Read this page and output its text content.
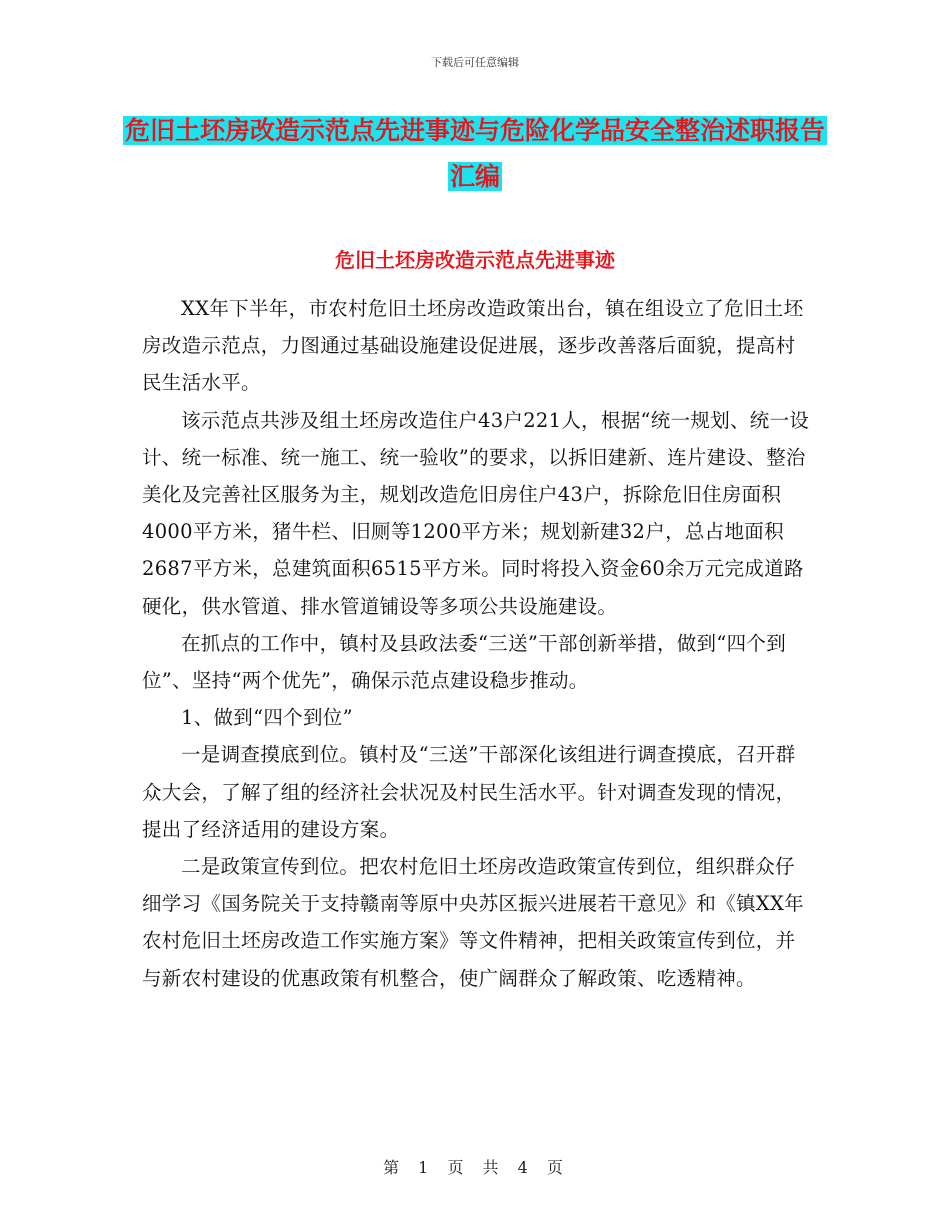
下载后可任意编辑
危旧土坯房改造示范点先进事迹与危险化学品安全整治述职报告汇编
危旧土坯房改造示范点先进事迹

XX年下半年，市农村危旧土坯房改造政策出台，镇在组设立了危旧土坯房改造示范点，力图通过基础设施建设促进展，逐步改善落后面貌，提高村民生活水平。

该示范点共涉及组土坯房改造住户43户221人，根据“统一规划、统一设计、统一标准、统一施工、统一验收”的要求，以拆旧建新、连片建设、整治美化及完善社区服务为主，规划改造危旧房住户43户，拆除危旧住房面积4000平方米，猪牛栏、旧厕等1200平方米；规划新建32户，总占地面积2687平方米，总建筑面积6515平方米。同时将投入资金60余万元完成道路硬化，供水管道、排水管道铺设等多项公共设施建设。

在抓点的工作中，镇村及县政法委“三送”干部创新举措，做到“四个到位”、坚持“两个优先”，确保示范点建设稳步推动。

1、做到“四个到位”

一是调查摸底到位。镇村及“三送”干部深化该组进行调查摸底，召开群众大会，了解了组的经济社会状况及村民生活水平。针对调查发现的情况，提出了经济适用的建设方案。

二是政策宣传到位。把农村危旧土坯房改造政策宣传到位，组织群众仔细学习《国务院关于支持赣南等原中央苏区振兴进展若干意见》和《镇XX年农村危旧土坯房改造工作实施方案》等文件精神，把相关政策宣传到位，并与新农村建设的优惠政策有机整合，使广阔群众了解政策、吃透精神。

第 1 页 共 4 页
